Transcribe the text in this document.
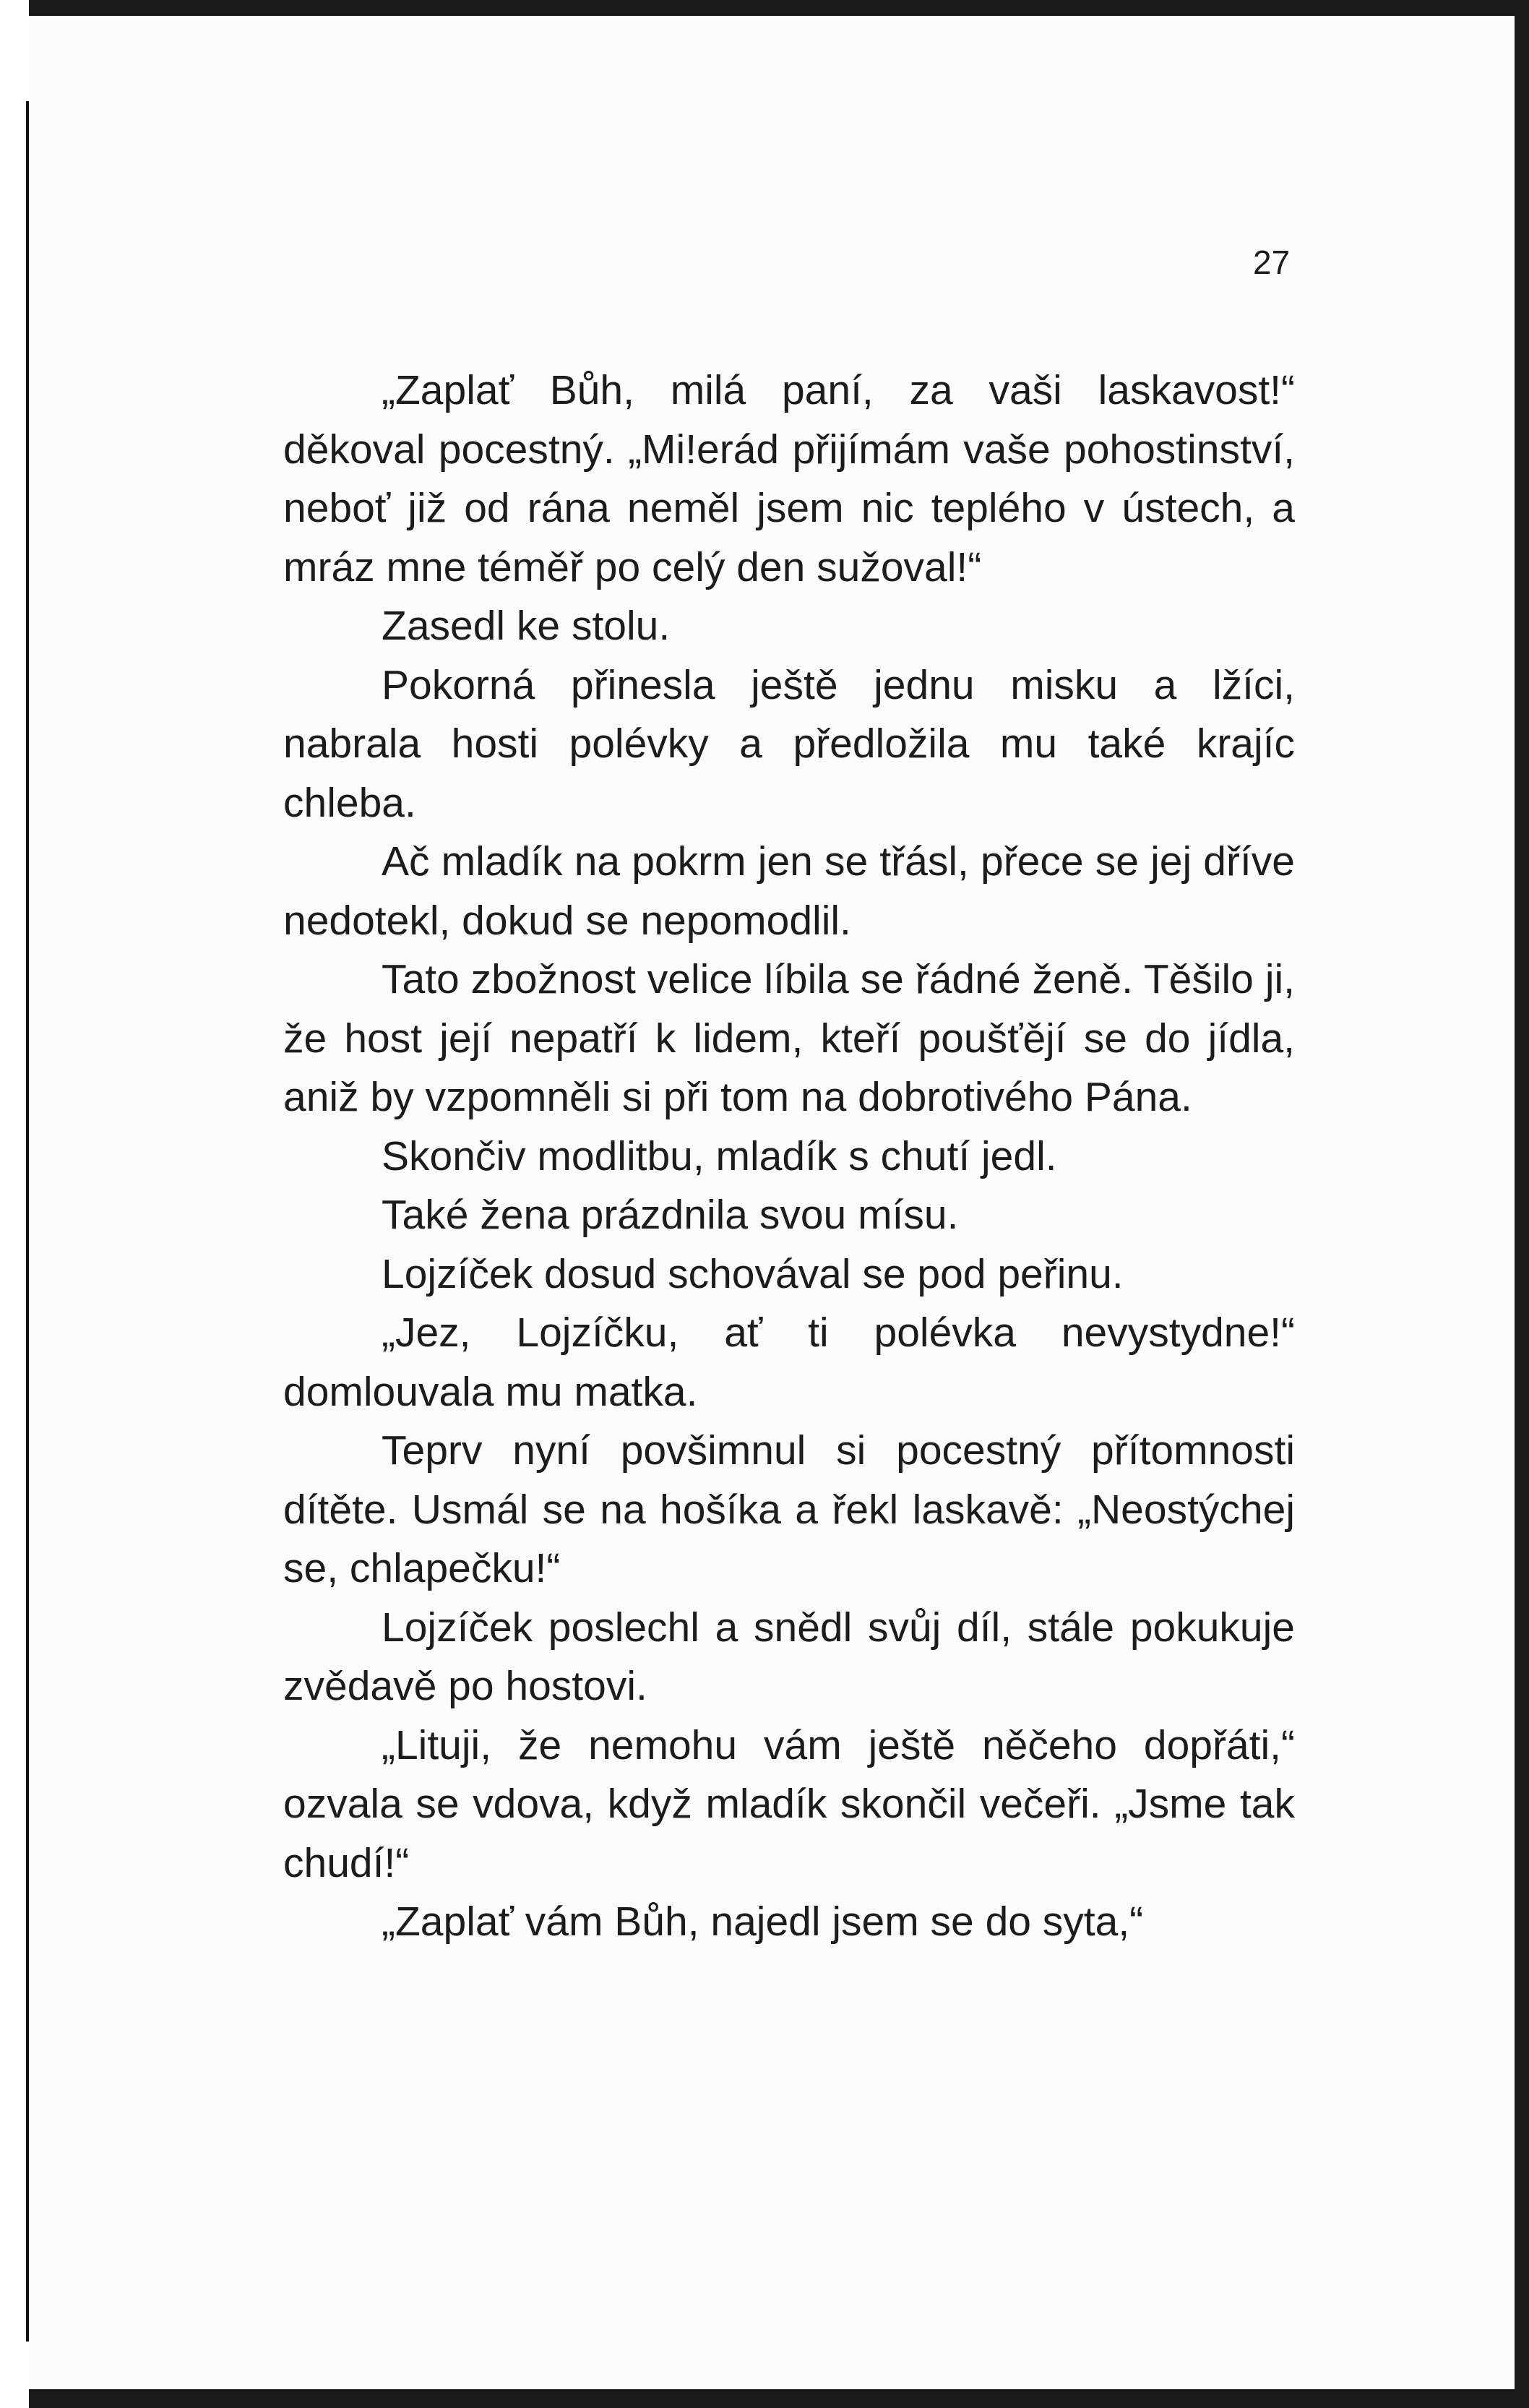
27

„Zaplať Bůh, milá paní, za vaši laskavost!“ děkoval pocestný. „Mi!erád přijímám vaše pohostinství, neboť již od rána neměl jsem nic teplého v ústech, a mráz mne téměř po celý den sužoval!“

Zasedl ke stolu.

Pokorná přinesla ještě jednu misku a lžíci, nabrala hosti polévky a předložila mu také krajíc chleba.

Ač mladík na pokrm jen se třásl, přece se jej dříve nedotekl, dokud se nepomodlil.

Tato zbožnost velice líbila se řádné ženě. Těšilo ji, že host její nepatří k lidem, kteří poušťějí se do jídla, aniž by vzpomněli si při tom na dobrotivého Pána.

Skončiv modlitbu, mladík s chutí jedl.

Také žena prázdnila svou mísu.

Lojzíček dosud schovával se pod peřinu.

„Jez, Lojzíčku, ať ti polévka nevystydne!“ domlouvala mu matka.

Teprv nyní povšimnul si pocestný přítomnosti dítěte. Usmál se na hošíka a řekl laskavě: „Neostýchej se, chlapečku!“

Lojzíček poslechl a snědl svůj díl, stále pokukuje zvědavě po hostovi.

„Lituji, že nemohu vám ještě něčeho dopřáti,“ ozvala se vdova, když mladík skončil večeři. „Jsme tak chudí!“

„Zaplať vám Bůh, najedl jsem se do syta,“
